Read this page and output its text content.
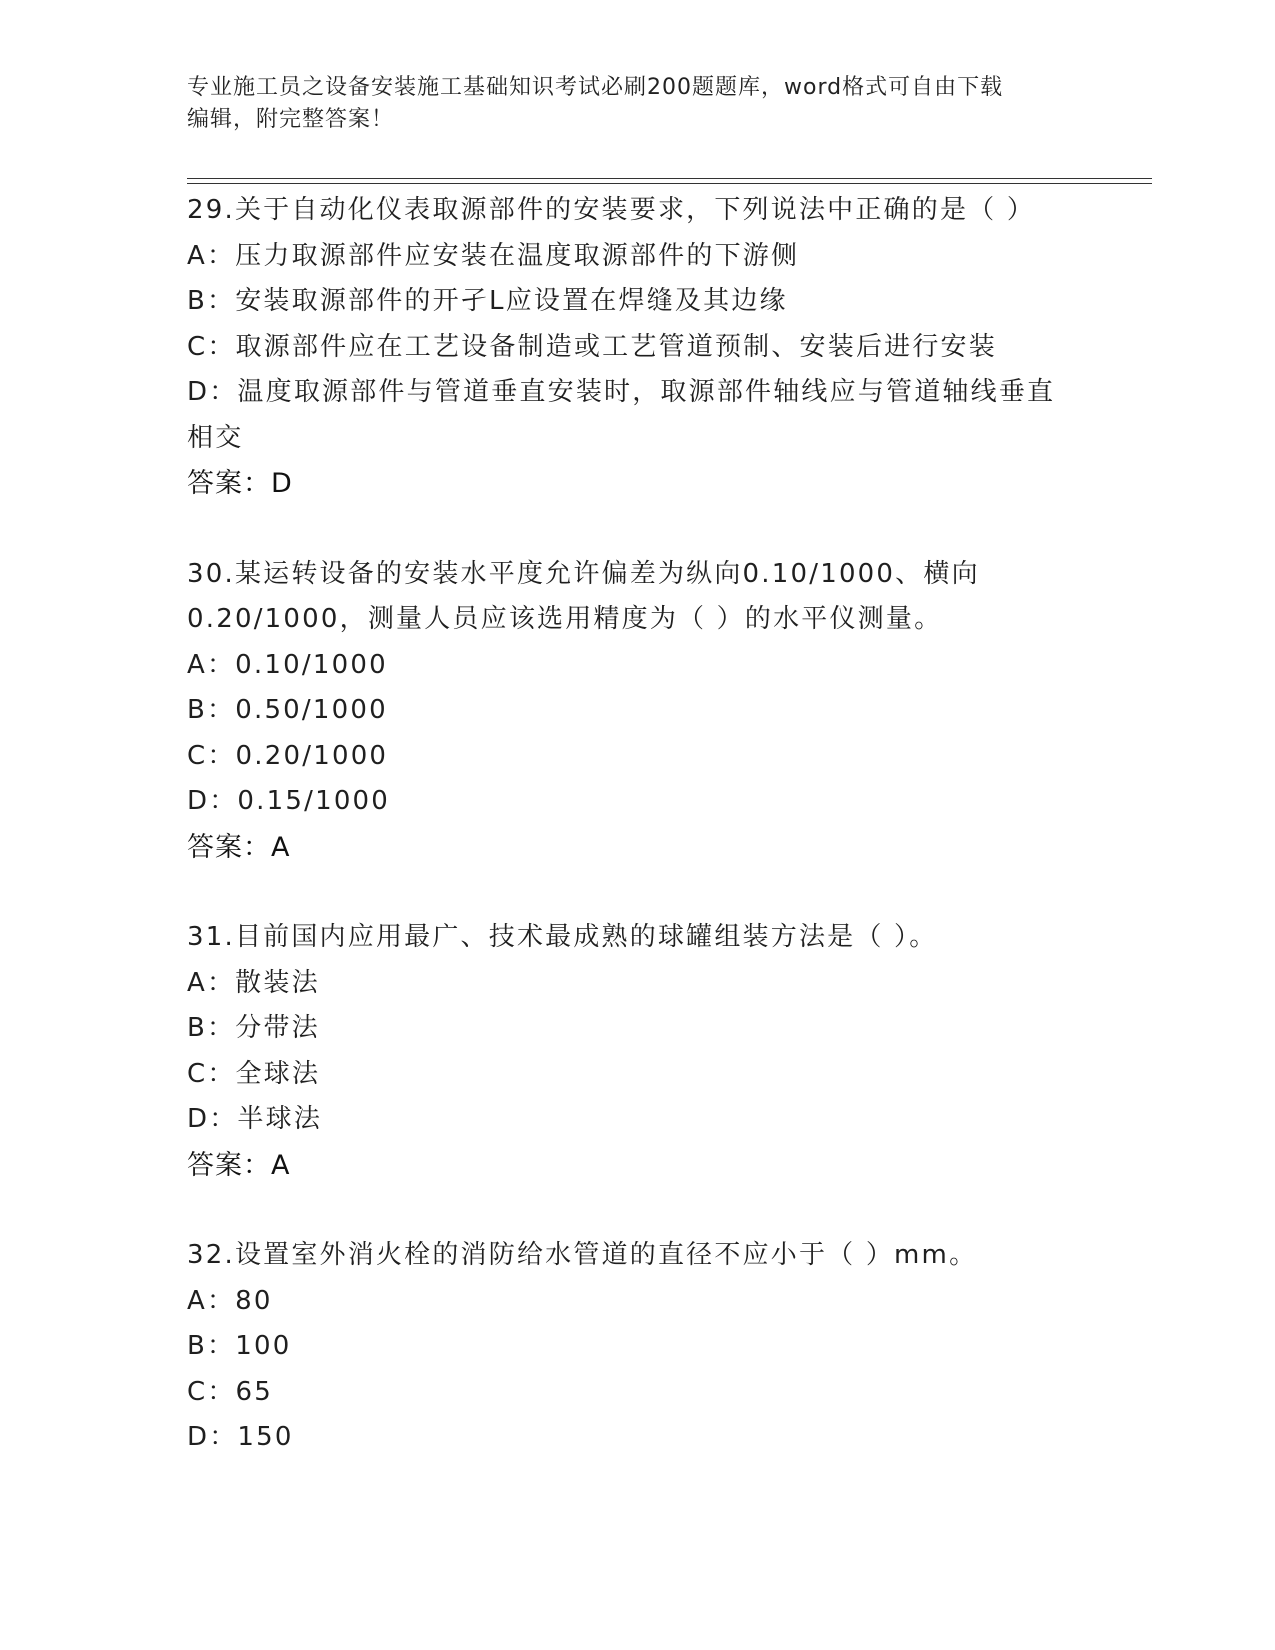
专业施工员之设备安装施工基础知识考试必刷200题题库，word格式可自由下载
编辑，附完整答案！
29.关于自动化仪表取源部件的安装要求，下列说法中正确的是（ ）
A：压力取源部件应安装在温度取源部件的下游侧
B：安装取源部件的开孑L应设置在焊缝及其边缘
C：取源部件应在工艺设备制造或工艺管道预制、安装后进行安装
D：温度取源部件与管道垂直安装时，取源部件轴线应与管道轴线垂直
相交
答案：D
30.某运转设备的安装水平度允许偏差为纵向0.10/1000、横向
0.20/1000，测量人员应该选用精度为（ ）的水平仪测量。
A：0.10/1000
B：0.50/1000
C：0.20/1000
D：0.15/1000
答案：A
31.目前国内应用最广、技术最成熟的球罐组装方法是（ ）。
A：散装法
B：分带法
C：全球法
D：半球法
答案：A
32.设置室外消火栓的消防给水管道的直径不应小于（ ）mm。
A：80
B：100
C：65
D：150
